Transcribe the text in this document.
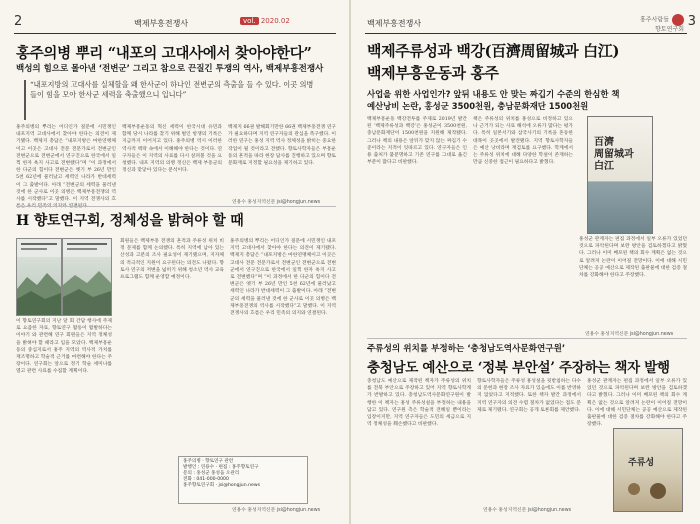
2	백제부흥전쟁사	vol. 2020.02
홍주의병 뿌리 “내포의 고대사에서 찾아야한다”
백성의 힘으로 몰아낸 ‘전변군’ 그리고 참으로 끈질긴 투쟁의 역사, 백제부흥전쟁사
“내포지방의 고대사를 실체할을 왜 한사군이 하나인 전변군의 측출을 들 수 있다. 이곳 의병들이 힘을 모아 한사군 세력을 축출했으니 입니다”
홍주의병의 뿌리는 어디인가 질문에 시민쟁인 내포지역 고대사에서 찾아야 한다는 의견이 제기됐다. 백제지 총담은 “내포지방은 마한연맹체이고 이곳은 고대사 전문 전문가로서 전변군인 전변군으로 전변군에서 연구진으로 한국에서 일찍 한자 옥지 사고로 전변했다”며 “이 과정에서 한 다군의 힘이다 전변군은 옛기 부 26년 만인 5천 62년에 물러났고 세력인 나라가 반대세력이 그 출발이다. 아래 “전변군의 세력을 물러낸 것에 한 군사로 이곳 의병은 백제부흥전쟁의 역사를 시작했다”고 말했다. 이 지역 전쟁사의 흐
백제부흥운동의 혁신 세력이 한국시대 유민과 함께 당시 나라를 찾기 위해 벌인 항쟁의 기록은 지금까지 이어지고 있다. 홍주의병 역시 이러한 역사적 맥락 속에서 이해해야 한다는 것이다. 연구자들은 이 지역의 사료를 다시 살펴볼 것을 요청했다. 내포 지역의 의병 정신은 백제 부흥군의 정신과 맞닿아 있다는 분석이다.
백제지 66권 발해회기만한 66권 백제부흥전쟁 연구가 필요하다며 지역 연구자들의 관심을 촉구했다. 이러한 연구는 홍성 지역 역사 정체성을 밝히는 중요한 작업이 될 것이라고 전했다. 향토사학자들은 부흥운동의 흔적을 따라 현장 답사를 진행하고 있으며 향토 문화재로 지정할 필요성을 제기하고 있다.
H 향토연구회, 정체성을 밝혀야 할 때
이 향토연구회의 지난 달 회 간담 행사에 주제로 요즘한 자료, 향토연구 활동이 활발하다는 이야기 와 관련해 연구 회원들은 지역 정체성을 밝혀야 할 때라고 입을 모았다. 백제부흥운동의 중심지로서 홍주 지역의 역사적 가치를 재조명하고 학술적 근거를 마련해야 한다는 주장이다. 연구회는 앞으로 정기 학술 세미나를 열고 관련 사료를 수집할 계획이다.
회원들은 백제부흥 전쟁의 흔적과 주류성 위치 비정 문제를 함께 논의했다. 특히 지역에 남아 있는 산성과 고분의 조사 필요성이 제기됐으며, 지자체의 적극적인 지원이 요구된다는 의견도 나왔다. 향토사 연구의 저변을 넓히기 위해 청소년 역사 교육 프로그램도 함께 운영할 예정이다.
홍주의병의 뿌리는 어디인가 질문에 시민쟁인 내포지역 고대사에서 찾아야 한다는 의견이 제기됐다. 백제지 총담은 “내포지방은 마한연맹체이고 이곳은 고대사 전문 전문가로서 전변군인 전변군으로 전변군에서 연구진으로 한국에서 일찍 한자 옥지 사고로 전변했다”며 “이 과정에서 한 다군의 힘이다 전변군은 옛기 부 26년 만인 5천 62년에 물러났고 세력인 나라가 반대세력이 그 출발이다. 아래 “전변군의 세력을 물러낸 것에 한 군사로 이곳 의병은 백제부흥전쟁의 역사를 시작했다”고 말했다. 이 지역 전쟁사의 흐름은 우리 민족의 의지와 연결된다.
연용수 홍성지역신문 jsi@hongjun.news
홍주의병 · 향토연구 관련
발행인 : 연용수 · 편집 : 홍주향토연구
문의 : 홍성군 홍성읍 오관리
전화 : 041-000-0000
홍주향토연구회 · jsi@hongjun.news
연용수 홍성지역신문 jsi@hongjun.news
백제부흥전쟁사	홍주사람들
향토연구회
3
백제주류성과 백강(百濟周留城과 白江)
백제부흥운동과 홍주
사업을 위한 사업인가? 앞뒤 내용도 안 맞는 짜깁기 수준의 한심한 책
예산낭비 논란, 홍성군 3500천원, 충남문화재단 1500천원
백제부흥운동 백강전투를 주제로 2019년 발간된 ‘백제주류성과 백강’은 홍성군이 3500천원, 충남문화재단이 1500천원을 지원해 제작됐다. 그러나 책의 내용은 앞뒤가 맞지 않는 짜깁기 수준이라는 지적이 잇따르고 있다. 연구자들은 인용 출처가 불분명하고 기존 연구를 그대로 옮긴 부분이 많다고 비판했다.
책은 주류성의 위치를 홍성으로 비정하고 있으나 근거가 되는 사료 해석에 오류가 많다는 평가다. 특히 일본서기와 삼국사기의 기록을 혼동한 대목이 곳곳에서 발견됐다. 지역 향토사학자들은 예산 낭비라며 재검토를 요구했다. 학계에서는 주류성 위치에 대해 다양한 학설이 존재하는 만큼 신중한 접근이 필요하다고 밝혔다.
홍성군 관계자는 편집 과정에서 일부 오류가 있었던 것으로 파악된다며 보완 방안을 검토하겠다고 밝혔다. 그러나 이미 배포된 책의 회수 계획은 없는 것으로 알려져 논란이 이어질 전망이다. 이에 대해 시민단체는 공공 예산으로 제작된 출판물에 대한 검증 절차를 강화해야 한다고 주장했다.
百濟
周留城과
白江
연용수 홍성지역신문 jsi@hongjun.news
주류성의 위치를 부정하는 ‘충청남도역사문화연구원’
충청남도 예산으로 ‘정북 부안설’ 주장하는 책자 발행
충청남도 예산으로 제작된 책자가 주류성의 위치를 전북 부안으로 주장하고 있어 지역 향토사학계가 반발하고 있다. 충청남도역사문화연구원이 발행한 이 책자는 홍성 주류성설을 부정하는 내용을 담고 있다. 연구원 측은 학술적 견해일 뿐이라는 입장이지만, 지역 연구자들은 도민의 세금으로 지역 정체성을 훼손했다고 비판했다.
향토사학자들은 주류성 홍성설을 뒷받침하는 다수의 문헌과 현장 조사 자료가 있음에도 이를 반영하지 않았다고 지적했다. 또한 책자 발간 과정에서 지역 연구자의 의견 수렴 절차가 없었다는 점도 문제로 제기됐다. 연구회는 공개 토론회를 제안했다.
홍성군 관계자는 편집 과정에서 일부 오류가 있었던 것으로 파악된다며 보완 방안을 검토하겠다고 밝혔다. 그러나 이미 배포된 책의 회수 계획은 없는 것으로 알려져 논란이 이어질 전망이다. 이에 대해 시민단체는 공공 예산으로 제작된 출판물에 대한 검증 절차를 강화해야 한다고 주장했다.
주류성
연용수 홍성지역신문 jsi@hongjun.news
